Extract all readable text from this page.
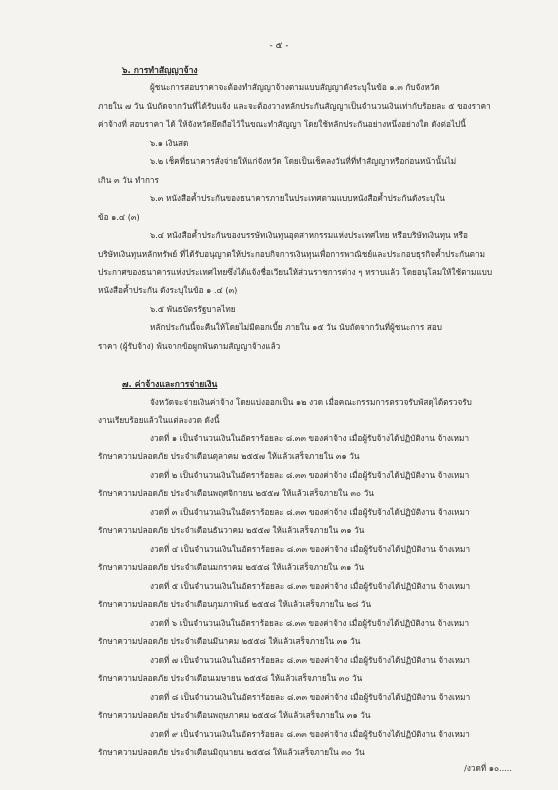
- ๕ -
๖. การทำสัญญาจ้าง
ผู้ชนะการสอบราคาจะต้องทำสัญญาจ้างตามแบบสัญญาดังระบุในข้อ ๑.๓ กับจังหวัด
ภายใน ๗ วัน นับถัดจากวันที่ได้รับแจ้ง และจะต้องวางหลักประกันสัญญาเป็นจำนวนเงินเท่ากับร้อยละ ๕ ของราคา
ค่าจ้างที่ สอบราคา ได้ ให้จังหวัดยึดถือไว้ในขณะทำสัญญา โดยใช้หลักประกันอย่างหนึ่งอย่างใด ดังต่อไปนี้
๖.๑ เงินสด
๖.๒ เช็คที่ธนาคารสั่งจ่ายให้แก่จังหวัด โดยเป็นเช็คลงวันที่ที่ทำสัญญาหรือก่อนหน้านั้นไม่
เกิน ๓ วัน ทำการ
๖.๓ หนังสือค้ำประกันของธนาคารภายในประเทศตามแบบหนังสือค้ำประกันดังระบุใน
ข้อ ๑.๔ (๓)
๖.๔ หนังสือค้ำประกันของบรรษัทเงินทุนอุตสาหกรรมแห่งประเทศไทย หรือบริษัทเงินทุน หรือ
บริษัทเงินทุนหลักทรัพย์ ที่ได้รับอนุญาตให้ประกอบกิจการเงินทุนเพื่อการพาณิชย์และประกอบธุรกิจค้ำประกันตาม
ประกาศของธนาคารแห่งประเทศไทยซึ่งได้แจ้งชื่อเวียนให้ส่วนราชการต่าง ๆ ทราบแล้ว โดยอนุโลมให้ใช้ตามแบบ
หนังสือค้ำประกัน ดังระบุในข้อ ๑ .๔ (๓)
๖.๕ พันธบัตรรัฐบาลไทย
หลักประกันนี้จะคืนให้โดยไม่มีดอกเบี้ย ภายใน ๑๕ วัน นับถัดจากวันที่ผู้ชนะการ สอบ
ราคา (ผู้รับจ้าง) พ้นจากข้อผูกพันตามสัญญาจ้างแล้ว
๗. ค่าจ้างและการจ่ายเงิน
จังหวัดจะจ่ายเงินค่าจ้าง โดยแบ่งออกเป็น ๑๒ งวด เมื่อคณะกรรมการตรวจรับพัสดุได้ตรวจรับ
งานเรียบร้อยแล้วในแต่ละงวด ดังนี้
งวดที่ ๑ เป็นจำนวนเงินในอัตราร้อยละ ๘.๓๓ ของค่าจ้าง เมื่อผู้รับจ้างได้ปฏิบัติงาน จ้างเหมา
รักษาความปลอดภัย ประจำเดือนตุลาคม ๒๕๕๗ ให้แล้วเสร็จภายใน ๓๑ วัน
งวดที่ ๒ เป็นจำนวนเงินในอัตราร้อยละ ๘.๓๓ ของค่าจ้าง เมื่อผู้รับจ้างได้ปฏิบัติงาน จ้างเหมา
รักษาความปลอดภัย ประจำเดือนพฤศจิกายน ๒๕๕๗ ให้แล้วเสร็จภายใน ๓๐ วัน
งวดที่ ๓ เป็นจำนวนเงินในอัตราร้อยละ ๘.๓๓ ของค่าจ้าง เมื่อผู้รับจ้างได้ปฏิบัติงาน จ้างเหมา
รักษาความปลอดภัย ประจำเดือนธันวาคม ๒๕๕๗ ให้แล้วเสร็จภายใน ๓๑ วัน
งวดที่ ๔ เป็นจำนวนเงินในอัตราร้อยละ ๘.๓๓ ของค่าจ้าง เมื่อผู้รับจ้างได้ปฏิบัติงาน จ้างเหมา
รักษาความปลอดภัย ประจำเดือนมกราคม ๒๕๕๘ ให้แล้วเสร็จภายใน ๓๑ วัน
งวดที่ ๕ เป็นจำนวนเงินในอัตราร้อยละ ๘.๓๓ ของค่าจ้าง เมื่อผู้รับจ้างได้ปฏิบัติงาน จ้างเหมา
รักษาความปลอดภัย ประจำเดือนกุมภาพันธ์ ๒๕๕๘ ให้แล้วเสร็จภายใน ๒๘ วัน
งวดที่ ๖ เป็นจำนวนเงินในอัตราร้อยละ ๘.๓๓ ของค่าจ้าง เมื่อผู้รับจ้างได้ปฏิบัติงาน จ้างเหมา
รักษาความปลอดภัย ประจำเดือนมีนาคม ๒๕๕๘ ให้แล้วเสร็จภายใน ๓๑ วัน
งวดที่ ๗ เป็นจำนวนเงินในอัตราร้อยละ ๘.๓๓ ของค่าจ้าง เมื่อผู้รับจ้างได้ปฏิบัติงาน จ้างเหมา
รักษาความปลอดภัย ประจำเดือนเมษายน ๒๕๕๘ ให้แล้วเสร็จภายใน ๓๐ วัน
งวดที่ ๘ เป็นจำนวนเงินในอัตราร้อยละ ๘.๓๓ ของค่าจ้าง เมื่อผู้รับจ้างได้ปฏิบัติงาน จ้างเหมา
รักษาความปลอดภัย ประจำเดือนพฤษภาคม ๒๕๕๘ ให้แล้วเสร็จภายใน ๓๑ วัน
งวดที่ ๙ เป็นจำนวนเงินในอัตราร้อยละ ๘.๓๓ ของค่าจ้าง เมื่อผู้รับจ้างได้ปฏิบัติงาน จ้างเหมา
รักษาความปลอดภัย ประจำเดือนมิถุนายน ๒๕๕๘ ให้แล้วเสร็จภายใน ๓๐ วัน
/งวดที่ ๑๐.....
